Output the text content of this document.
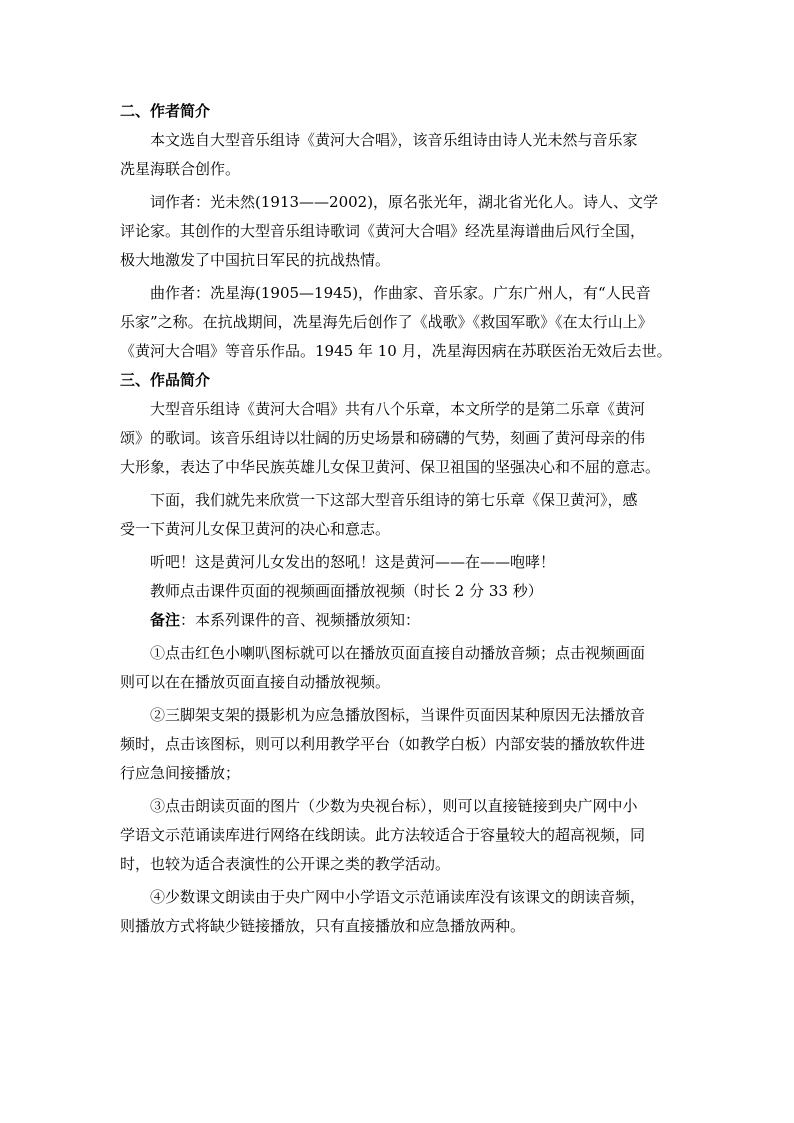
二、作者简介

本文选自大型音乐组诗《黄河大合唱》，该音乐组诗由诗人光未然与音乐家
冼星海联合创作。

词作者：光未然(1913——2002)，原名张光年，湖北省光化人。诗人、文学
评论家。其创作的大型音乐组诗歌词《黄河大合唱》经冼星海谱曲后风行全国，
极大地激发了中国抗日军民的抗战热情。

曲作者：冼星海(1905—1945)，作曲家、音乐家。广东广州人，有“人民音
乐家”之称。在抗战期间，冼星海先后创作了《战歌》《救国军歌》《在太行山上》
《黄河大合唱》等音乐作品。1945 年 10 月，冼星海因病在苏联医治无效后去世。

三、作品简介

大型音乐组诗《黄河大合唱》共有八个乐章，本文所学的是第二乐章《黄河
颂》的歌词。该音乐组诗以壮阔的历史场景和磅礴的气势，刻画了黄河母亲的伟
大形象，表达了中华民族英雄儿女保卫黄河、保卫祖国的坚强决心和不屈的意志。

下面，我们就先来欣赏一下这部大型音乐组诗的第七乐章《保卫黄河》，感
受一下黄河儿女保卫黄河的决心和意志。

听吧！这是黄河儿女发出的怒吼！这是黄河——在——咆哮！

教师点击课件页面的视频画面播放视频（时长 2 分 33 秒）

备注：本系列课件的音、视频播放须知：

①点击红色小喇叭图标就可以在播放页面直接自动播放音频；点击视频画面
则可以在在播放页面直接自动播放视频。

②三脚架支架的摄影机为应急播放图标，当课件页面因某种原因无法播放音
频时，点击该图标，则可以利用教学平台（如教学白板）内部安装的播放软件进
行应急间接播放；

③点击朗读页面的图片（少数为央视台标），则可以直接链接到央广网中小
学语文示范诵读库进行网络在线朗读。此方法较适合于容量较大的超高视频，同
时，也较为适合表演性的公开课之类的教学活动。

④少数课文朗读由于央广网中小学语文示范诵读库没有该课文的朗读音频，
则播放方式将缺少链接播放，只有直接播放和应急播放两种。
